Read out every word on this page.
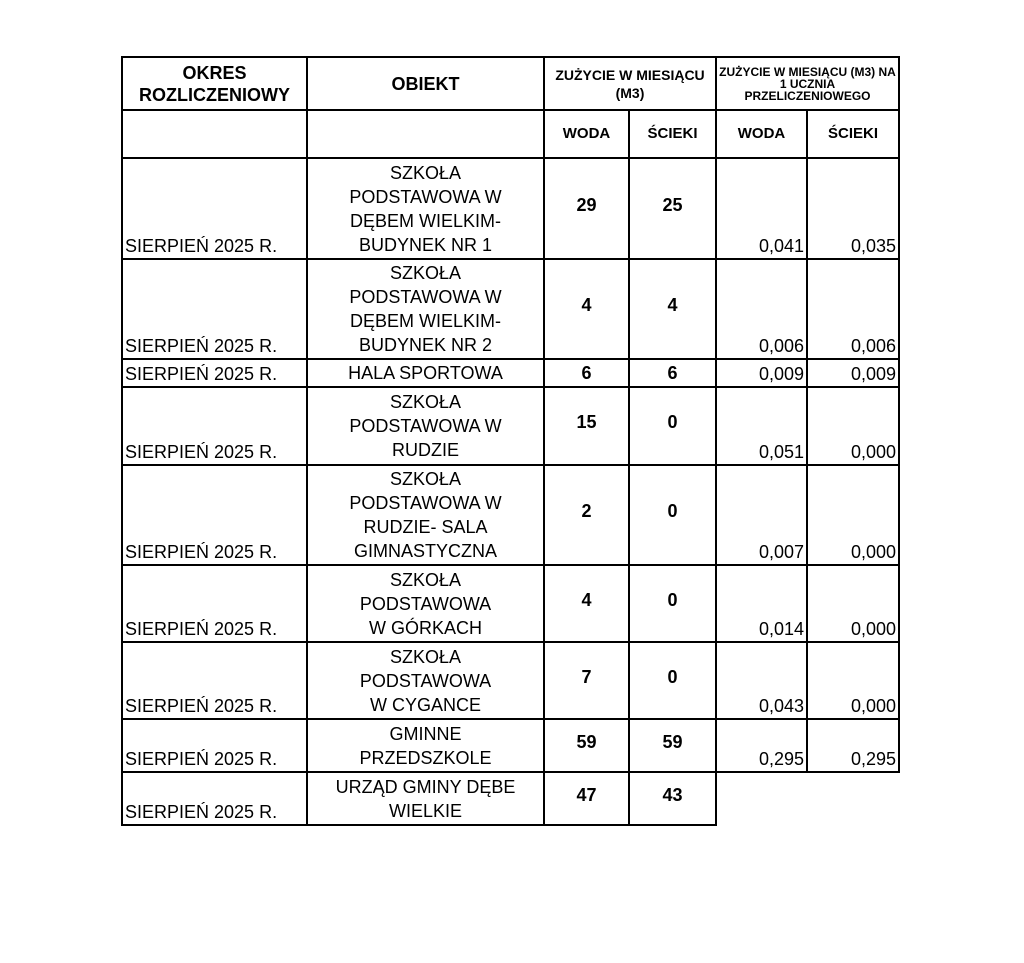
OKRES ROZLICZENIOWY	OBIEKT	ZUŻYCIE W MIESIĄCU (M3)		ZUŻYCIE W MIESIĄCU (M3) NA 1 UCZNIA PRZELICZENIOWEGO	
		WODA	ŚCIEKI	WODA	ŚCIEKI
SIERPIEŃ 2025 R.	SZKOŁA
PODSTAWOWA W
DĘBEM WIELKIM-
BUDYNEK NR 1	29	25	0,041	0,035
SIERPIEŃ 2025 R.	SZKOŁA
PODSTAWOWA W
DĘBEM WIELKIM-
BUDYNEK NR 2	4	4	0,006	0,006
SIERPIEŃ 2025 R.	HALA SPORTOWA	6	6	0,009	0,009
SIERPIEŃ 2025 R.	SZKOŁA
PODSTAWOWA W
RUDZIE	15	0	0,051	0,000
SIERPIEŃ 2025 R.	SZKOŁA
PODSTAWOWA W
RUDZIE- SALA
GIMNASTYCZNA	2	0	0,007	0,000
SIERPIEŃ 2025 R.	SZKOŁA
PODSTAWOWA
W GÓRKACH	4	0	0,014	0,000
SIERPIEŃ 2025 R.	SZKOŁA
PODSTAWOWA
W CYGANCE	7	0	0,043	0,000
SIERPIEŃ 2025 R.	GMINNE
PRZEDSZKOLE	59	59	0,295	0,295
SIERPIEŃ 2025 R.	URZĄD GMINY DĘBE
WIELKIE	47	43		
